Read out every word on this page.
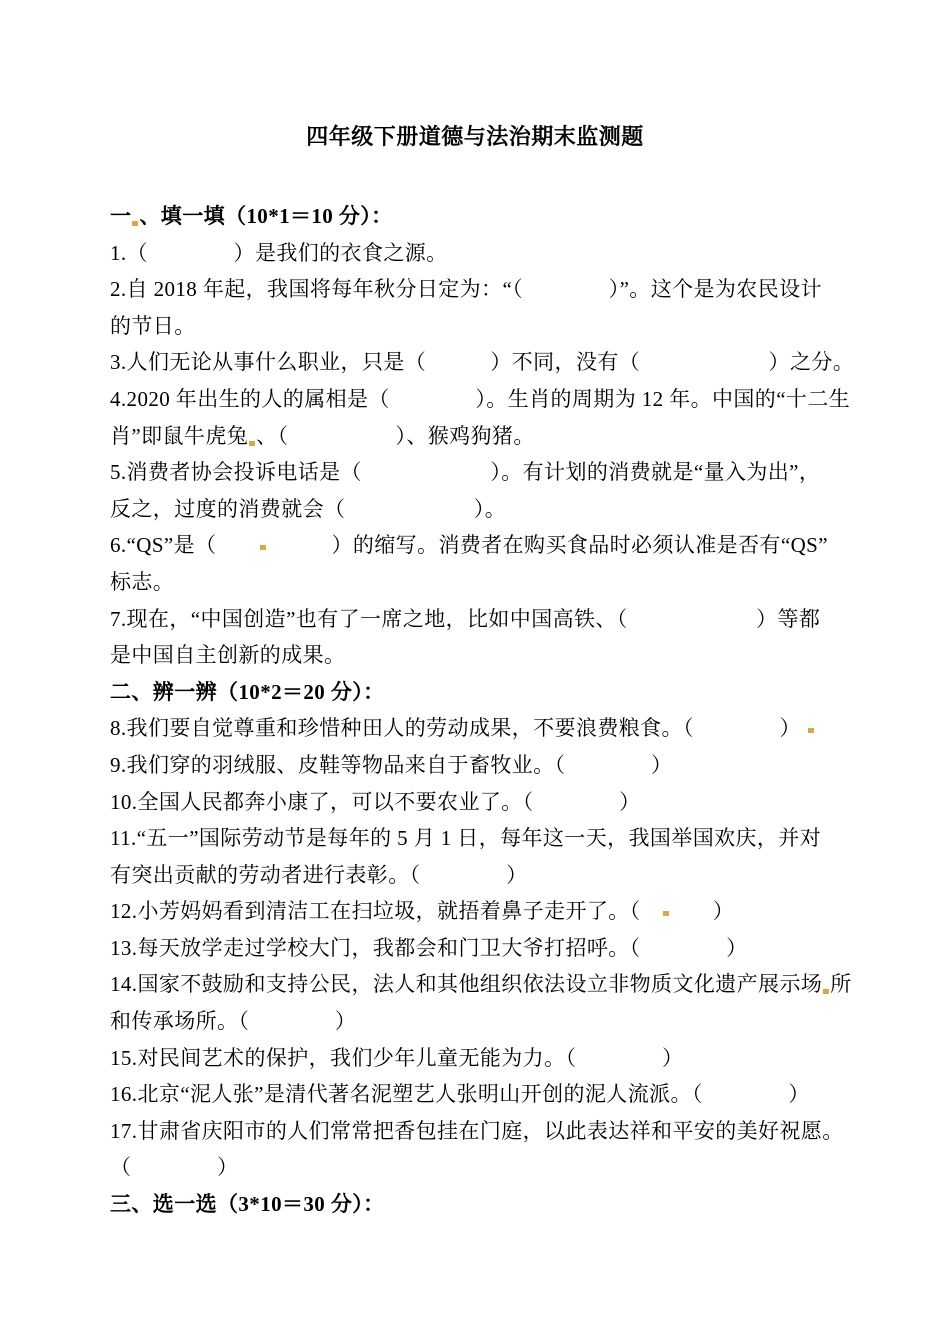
四年级下册道德与法治期末监测题

一 、填一填（10*1＝10 分）：

1.（　　　　）是我们的衣食之源。

2.自 2018 年起，我国将每年秋分日定为：“（　　　　）”。这个是为农民设计

的节日。

3.人们无论从事什么职业，只是（　　　）不同，没有（　　　　　　）之分。

4.2020 年出生的人的属相是（　　　　）。生肖的周期为 12 年。中国的“十二生

肖”即鼠牛虎兔 、（　　　　　）、猴鸡狗猪。

5.消费者协会投诉电话是（　　　　　　）。有计划的消费就是“量入为出”，

反之，过度的消费就会（　　　　　　）。

6.“QS”是（　　　　　）的缩写。消费者在购买食品时必须认准是否有“QS”

标志。

7.现在，“中国创造”也有了一席之地，比如中国高铁、（　　　　　　）等都

是中国自主创新的成果。

二、辨一辨（10*2＝20 分）：

8.我们要自觉尊重和珍惜种田人的劳动成果，不要浪费粮食。（　　　　）

9.我们穿的羽绒服、皮鞋等物品来自于畜牧业。（　　　　）

10.全国人民都奔小康了，可以不要农业了。（　　　　）

11.“五一”国际劳动节是每年的 5 月 1 日，每年这一天，我国举国欢庆，并对

有突出贡献的劳动者进行表彰。（　　　　）

12.小芳妈妈看到清洁工在扫垃圾，就捂着鼻子走开了。（　　　）

13.每天放学走过学校大门，我都会和门卫大爷打招呼。（　　　　）

14.国家不鼓励和支持公民，法人和其他组织依法设立非物质文化遗产展示场 所

和传承场所。（　　　　）

15.对民间艺术的保护，我们少年儿童无能为力。（　　　　）

16.北京“泥人张”是清代著名泥塑艺人张明山开创的泥人流派。（　　　　）

17.甘肃省庆阳市的人们常常把香包挂在门庭，以此表达祥和平安的美好祝愿。

（　　　　）

三、选一选（3*10＝30 分）：
